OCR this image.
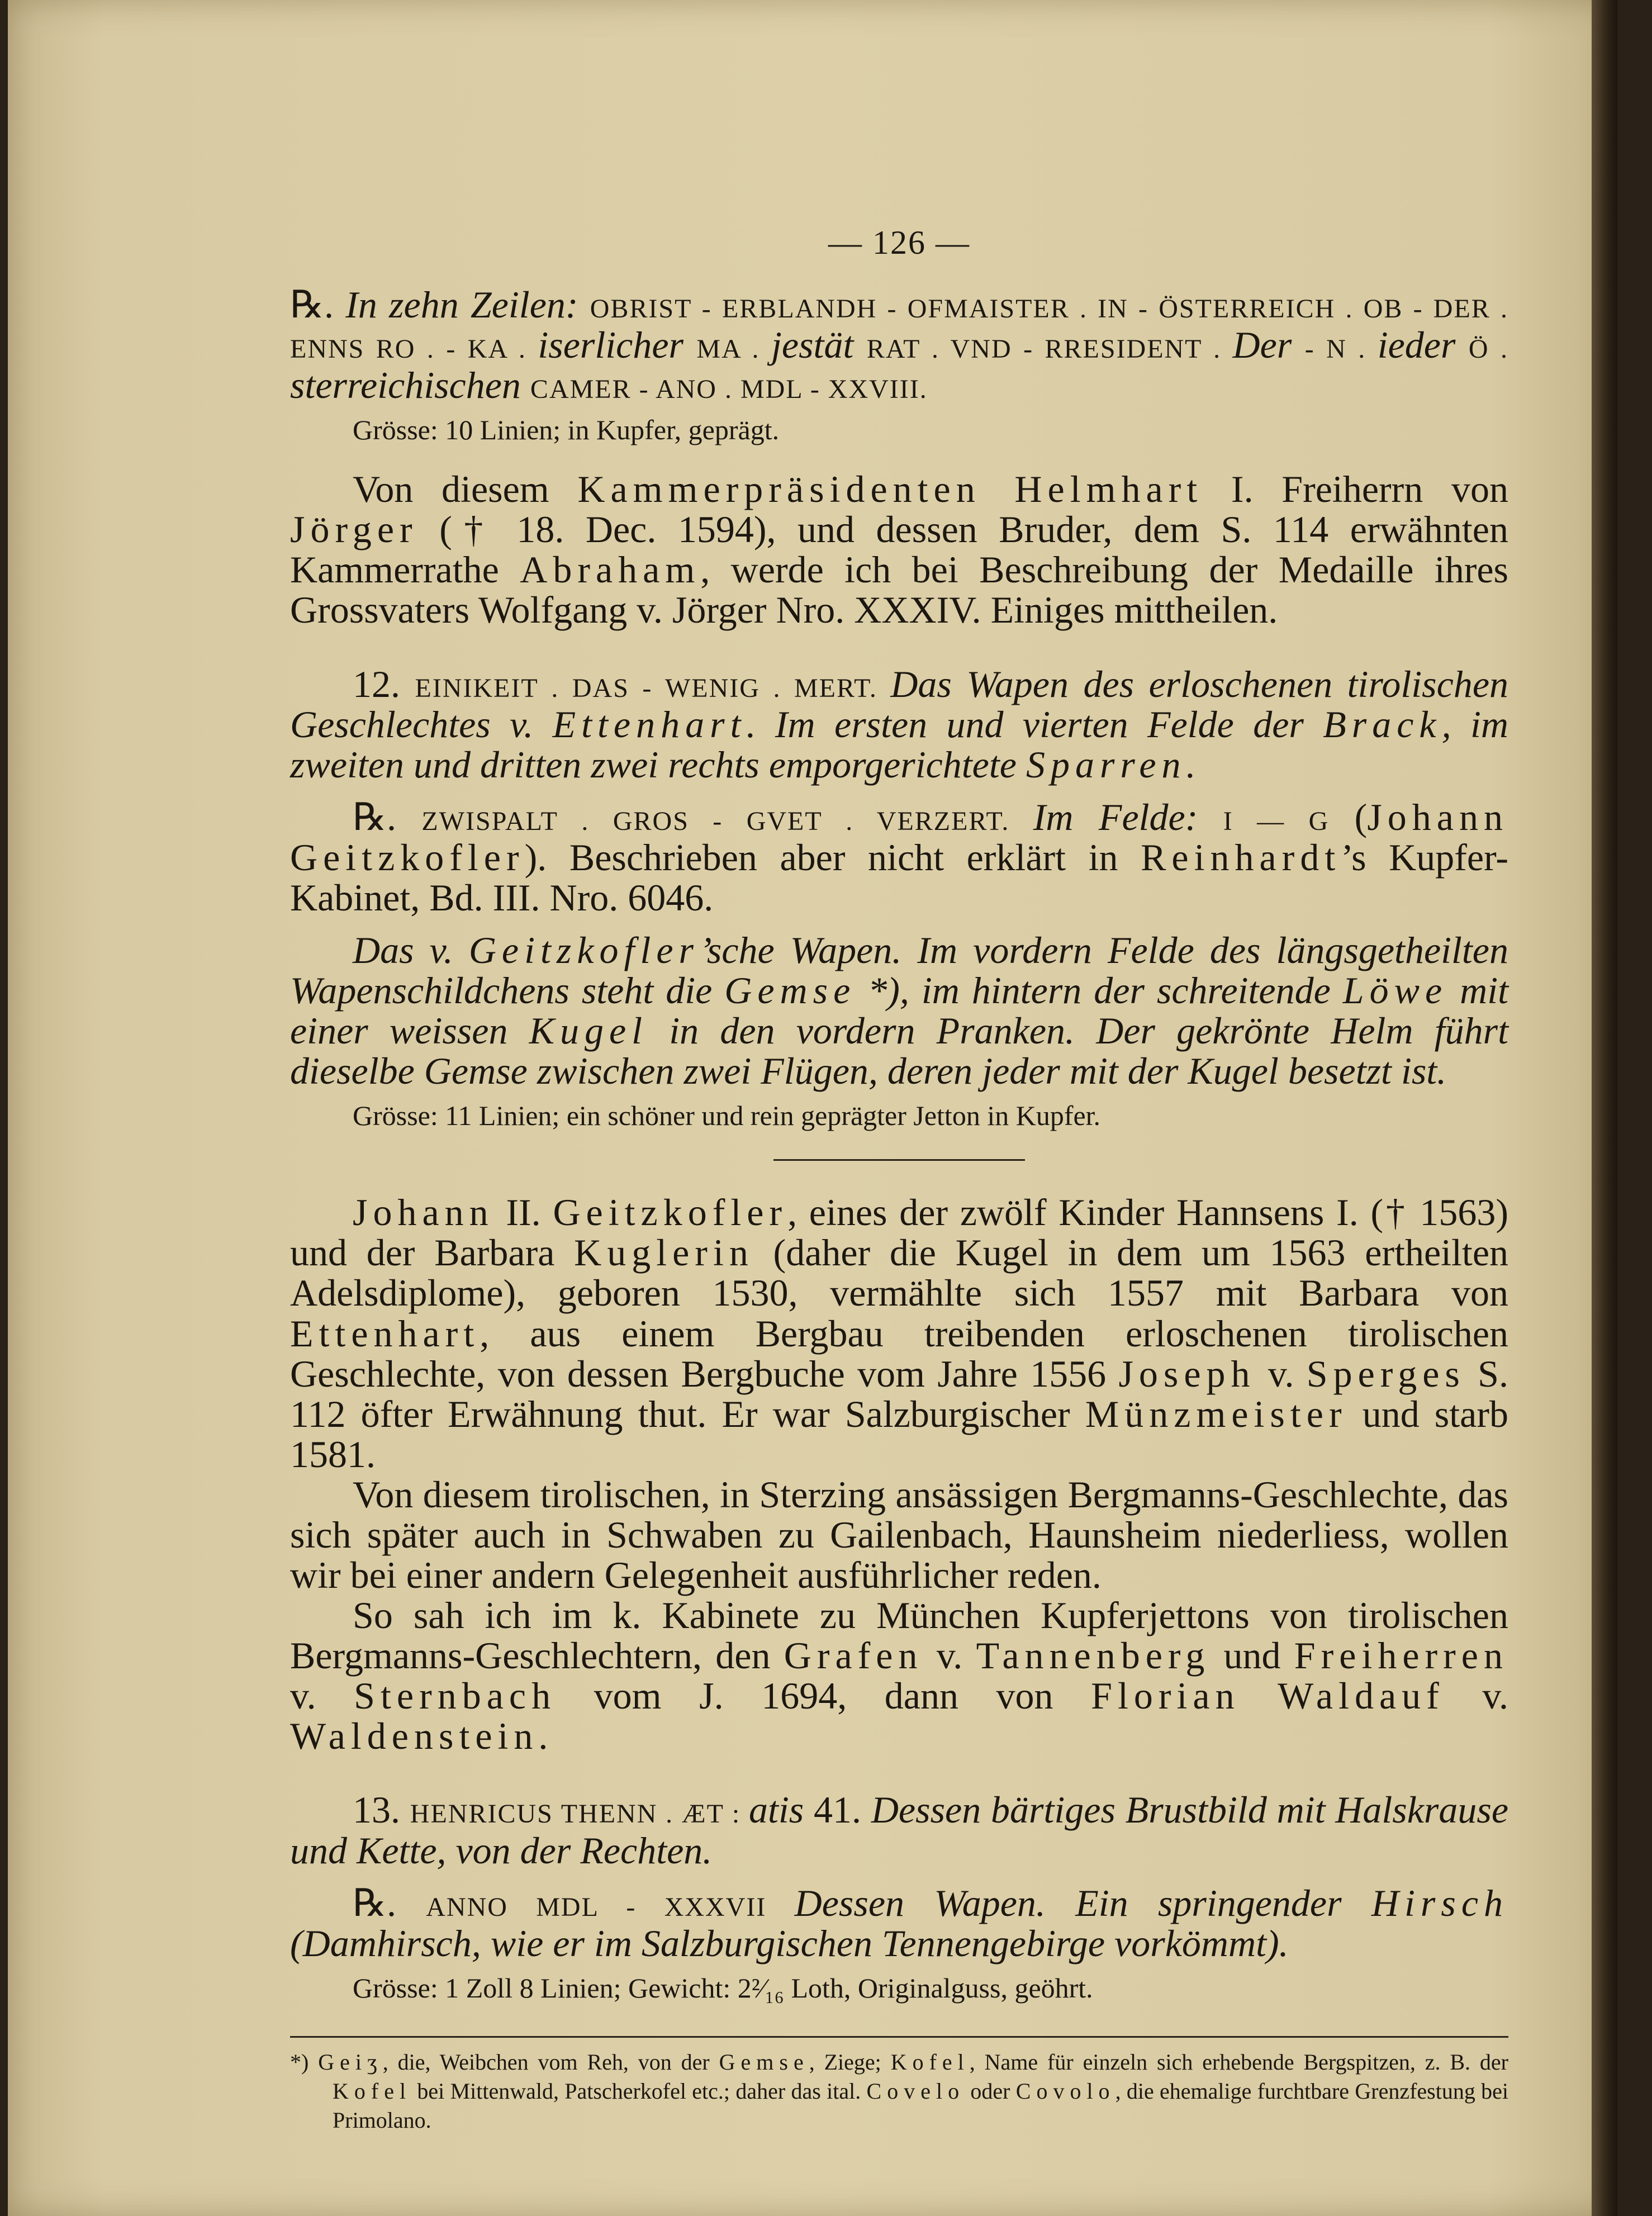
— 126 —

℞. In zehn Zeilen: OBRIST - ERBLANDH - OFMAISTER . IN - ÖSTERREICH . OB - DER . ENNS RO . - KA . iserlicher MA . jestät RAT . VND - RRESIDENT . Der - N . ieder Ö . sterreichischen CAMER - ANO . MDL - XXVIII.

Grösse: 10 Linien; in Kupfer, geprägt.

Von diesem Kammerpräsidenten Helmhart I. Freiherrn von Jörger († 18. Dec. 1594), und dessen Bruder, dem S. 114 erwähnten Kammerrathe Abraham, werde ich bei Beschreibung der Medaille ihres Grossvaters Wolfgang v. Jörger Nro. XXXIV. Einiges mittheilen.

12. EINIKEIT . DAS - WENIG . MERT. Das Wapen des erloschenen tirolischen Geschlechtes v. Ettenhart. Im ersten und vierten Felde der Brack, im zweiten und dritten zwei rechts emporgerichtete Sparren.

℞. ZWISPALT . GROS - GVET . VERZERT. Im Felde: I — G (Johann Geitzkofler). Beschrieben aber nicht erklärt in Reinhardt’s Kupfer-Kabinet, Bd. III. Nro. 6046.

Das v. Geitzkofler’sche Wapen. Im vordern Felde des längsgetheilten Wapenschildchens steht die Gemse *), im hintern der schreitende Löwe mit einer weissen Kugel in den vordern Pranken. Der gekrönte Helm führt dieselbe Gemse zwischen zwei Flügen, deren jeder mit der Kugel besetzt ist.

Grösse: 11 Linien; ein schöner und rein geprägter Jetton in Kupfer.

Johann II. Geitzkofler, eines der zwölf Kinder Hannsens I. († 1563) und der Barbara Kuglerin (daher die Kugel in dem um 1563 ertheilten Adelsdiplome), geboren 1530, vermählte sich 1557 mit Barbara von Ettenhart, aus einem Bergbau treibenden erloschenen tirolischen Geschlechte, von dessen Bergbuche vom Jahre 1556 Joseph v. Sperges S. 112 öfter Erwähnung thut. Er war Salzburgischer Münzmeister und starb 1581.

Von diesem tirolischen, in Sterzing ansässigen Bergmanns-Geschlechte, das sich später auch in Schwaben zu Gailenbach, Haunsheim niederliess, wollen wir bei einer andern Gelegenheit ausführlicher reden.

So sah ich im k. Kabinete zu München Kupferjettons von tirolischen Bergmanns-Geschlechtern, den Grafen v. Tannenberg und Freiherren v. Sternbach vom J. 1694, dann von Florian Waldauf v. Waldenstein.

13. HENRICUS THENN . ÆT : atis 41. Dessen bärtiges Brustbild mit Halskrause und Kette, von der Rechten.

℞. ANNO MDL - XXXVII Dessen Wapen. Ein springender Hirsch (Damhirsch, wie er im Salzburgischen Tennengebirge vorkömmt).

Grösse: 1 Zoll 8 Linien; Gewicht: 2²⁄₁₆ Loth, Originalguss, geöhrt.

*) Geiʒ, die, Weibchen vom Reh, von der Gemse, Ziege; Kofel, Name für einzeln sich erhebende Bergspitzen, z. B. der Kofel bei Mittenwald, Patscherkofel etc.; daher das ital. Covelo oder Covolo, die ehemalige furchtbare Grenzfestung bei Primolano.
